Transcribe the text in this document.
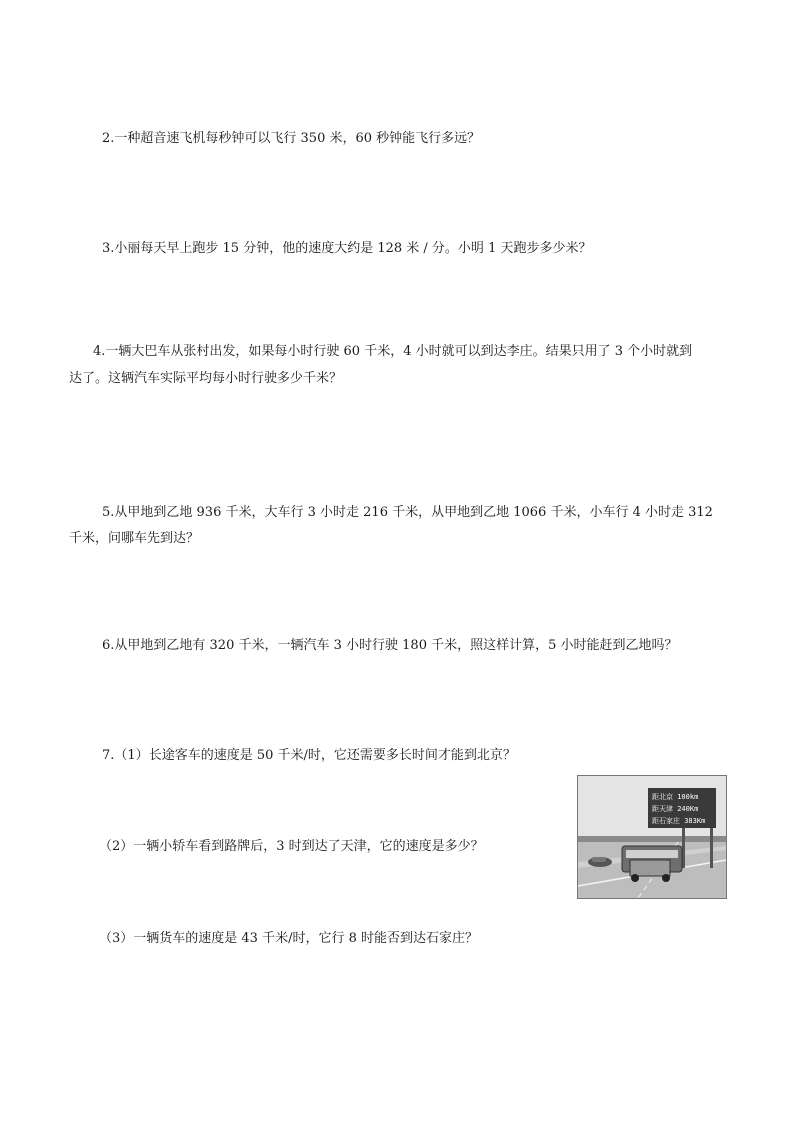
2.一种超音速飞机每秒钟可以飞行 350 米，60 秒钟能飞行多远？

3.小丽每天早上跑步 15 分钟，他的速度大约是 128 米 / 分。小明 1 天跑步多少米？

4.一辆大巴车从张村出发，如果每小时行驶 60 千米，4 小时就可以到达李庄。结果只用了 3 个小时就到

达了。这辆汽车实际平均每小时行驶多少千米？

5.从甲地到乙地 936 千米，大车行 3 小时走 216 千米，从甲地到乙地 1066 千米，小车行 4 小时走 312

千米，问哪车先到达？

6.从甲地到乙地有 320 千米，一辆汽车 3 小时行驶 180 千米，照这样计算，5 小时能赶到乙地吗？

7.（1）长途客车的速度是 50 千米/时，它还需要多长时间才能到北京？

（2）一辆小轿车看到路牌后，3 时到达了天津，它的速度是多少？

（3）一辆货车的速度是 43 千米/时，它行 8 时能否到达石家庄？

距北京 100km
距天津 240Km
距石家庄 383Km
